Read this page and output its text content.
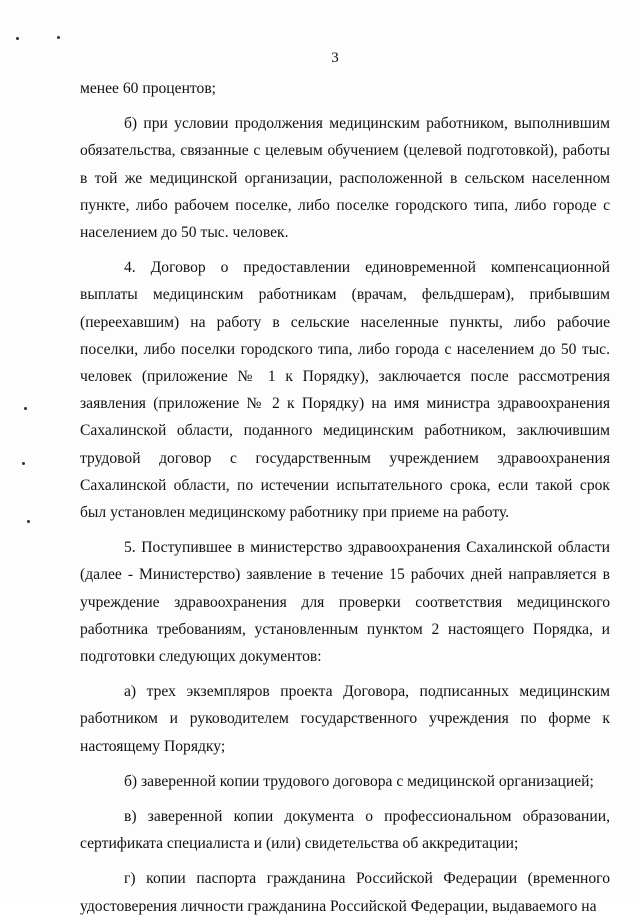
3

менее 60 процентов;

б) при условии продолжения медицинским работником, выполнившим обязательства, связанные с целевым обучением (целевой подготовкой), работы в той же медицинской организации, расположенной в сельском населенном пункте, либо рабочем поселке, либо поселке городского типа, либо городе с населением до 50 тыс. человек.

4. Договор о предоставлении единовременной компенсационной выплаты медицинским работникам (врачам, фельдшерам), прибывшим (переехавшим) на работу в сельские населенные пункты, либо рабочие поселки, либо поселки городского типа, либо города с населением до 50 тыс. человек (приложение № 1 к Порядку), заключается после рассмотрения заявления (приложение № 2 к Порядку) на имя министра здравоохранения Сахалинской области, поданного медицинским работником, заключившим трудовой договор с государственным учреждением здравоохранения Сахалинской области, по истечении испытательного срока, если такой срок был установлен медицинскому работнику при приеме на работу.

5. Поступившее в министерство здравоохранения Сахалинской области (далее - Министерство) заявление в течение 15 рабочих дней направляется в учреждение здравоохранения для проверки соответствия медицинского работника требованиям, установленным пунктом 2 настоящего Порядка, и подготовки следующих документов:

а) трех экземпляров проекта Договора, подписанных медицинским работником и руководителем государственного учреждения по форме к настоящему Порядку;

б) заверенной копии трудового договора с медицинской организацией;

в) заверенной копии документа о профессиональном образовании, сертификата специалиста и (или) свидетельства об аккредитации;

г) копии паспорта гражданина Российской Федерации (временного удостоверения личности гражданина Российской Федерации, выдаваемого на
